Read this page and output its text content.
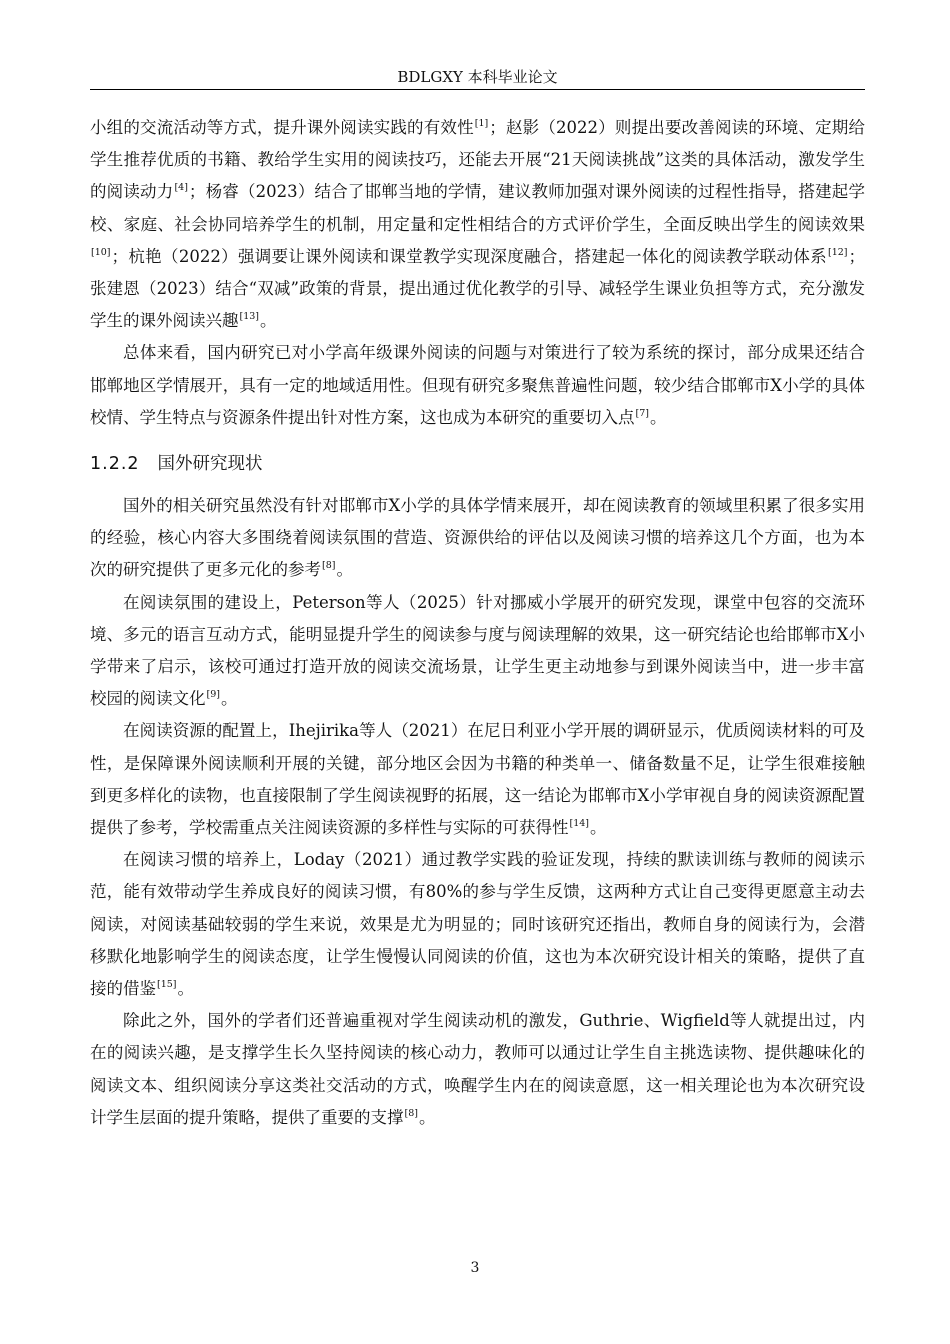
BDLGXY 本科毕业论文

小组的交流活动等方式，提升课外阅读实践的有效性[1]；赵影（2022）则提出要改善阅读的环境、定期给学生推荐优质的书籍、教给学生实用的阅读技巧，还能去开展“21天阅读挑战”这类的具体活动，激发学生的阅读动力[4]；杨睿（2023）结合了邯郸当地的学情，建议教师加强对课外阅读的过程性指导，搭建起学校、家庭、社会协同培养学生的机制，用定量和定性相结合的方式评价学生，全面反映出学生的阅读效果[10]；杭艳（2022）强调要让课外阅读和课堂教学实现深度融合，搭建起一体化的阅读教学联动体系[12]；张建恩（2023）结合“双减”政策的背景，提出通过优化教学的引导、减轻学生课业负担等方式，充分激发学生的课外阅读兴趣[13]。

总体来看，国内研究已对小学高年级课外阅读的问题与对策进行了较为系统的探讨，部分成果还结合邯郸地区学情展开，具有一定的地域适用性。但现有研究多聚焦普遍性问题，较少结合邯郸市X小学的具体校情、学生特点与资源条件提出针对性方案，这也成为本研究的重要切入点[7]。

1.2.2 国外研究现状

国外的相关研究虽然没有针对邯郸市X小学的具体学情来展开，却在阅读教育的领域里积累了很多实用的经验，核心内容大多围绕着阅读氛围的营造、资源供给的评估以及阅读习惯的培养这几个方面，也为本次的研究提供了更多元化的参考[8]。

在阅读氛围的建设上，Peterson等人（2025）针对挪威小学展开的研究发现，课堂中包容的交流环境、多元的语言互动方式，能明显提升学生的阅读参与度与阅读理解的效果，这一研究结论也给邯郸市X小学带来了启示，该校可通过打造开放的阅读交流场景，让学生更主动地参与到课外阅读当中，进一步丰富校园的阅读文化[9]。

在阅读资源的配置上，Ihejirika等人（2021）在尼日利亚小学开展的调研显示，优质阅读材料的可及性，是保障课外阅读顺利开展的关键，部分地区会因为书籍的种类单一、储备数量不足，让学生很难接触到更多样化的读物，也直接限制了学生阅读视野的拓展，这一结论为邯郸市X小学审视自身的阅读资源配置提供了参考，学校需重点关注阅读资源的多样性与实际的可获得性[14]。

在阅读习惯的培养上，Loday（2021）通过教学实践的验证发现，持续的默读训练与教师的阅读示范，能有效带动学生养成良好的阅读习惯，有80%的参与学生反馈，这两种方式让自己变得更愿意主动去阅读，对阅读基础较弱的学生来说，效果是尤为明显的；同时该研究还指出，教师自身的阅读行为，会潜移默化地影响学生的阅读态度，让学生慢慢认同阅读的价值，这也为本次研究设计相关的策略，提供了直接的借鉴[15]。

除此之外，国外的学者们还普遍重视对学生阅读动机的激发，Guthrie、Wigfield等人就提出过，内在的阅读兴趣，是支撑学生长久坚持阅读的核心动力，教师可以通过让学生自主挑选读物、提供趣味化的阅读文本、组织阅读分享这类社交活动的方式，唤醒学生内在的阅读意愿，这一相关理论也为本次研究设计学生层面的提升策略，提供了重要的支撑[8]。

3
